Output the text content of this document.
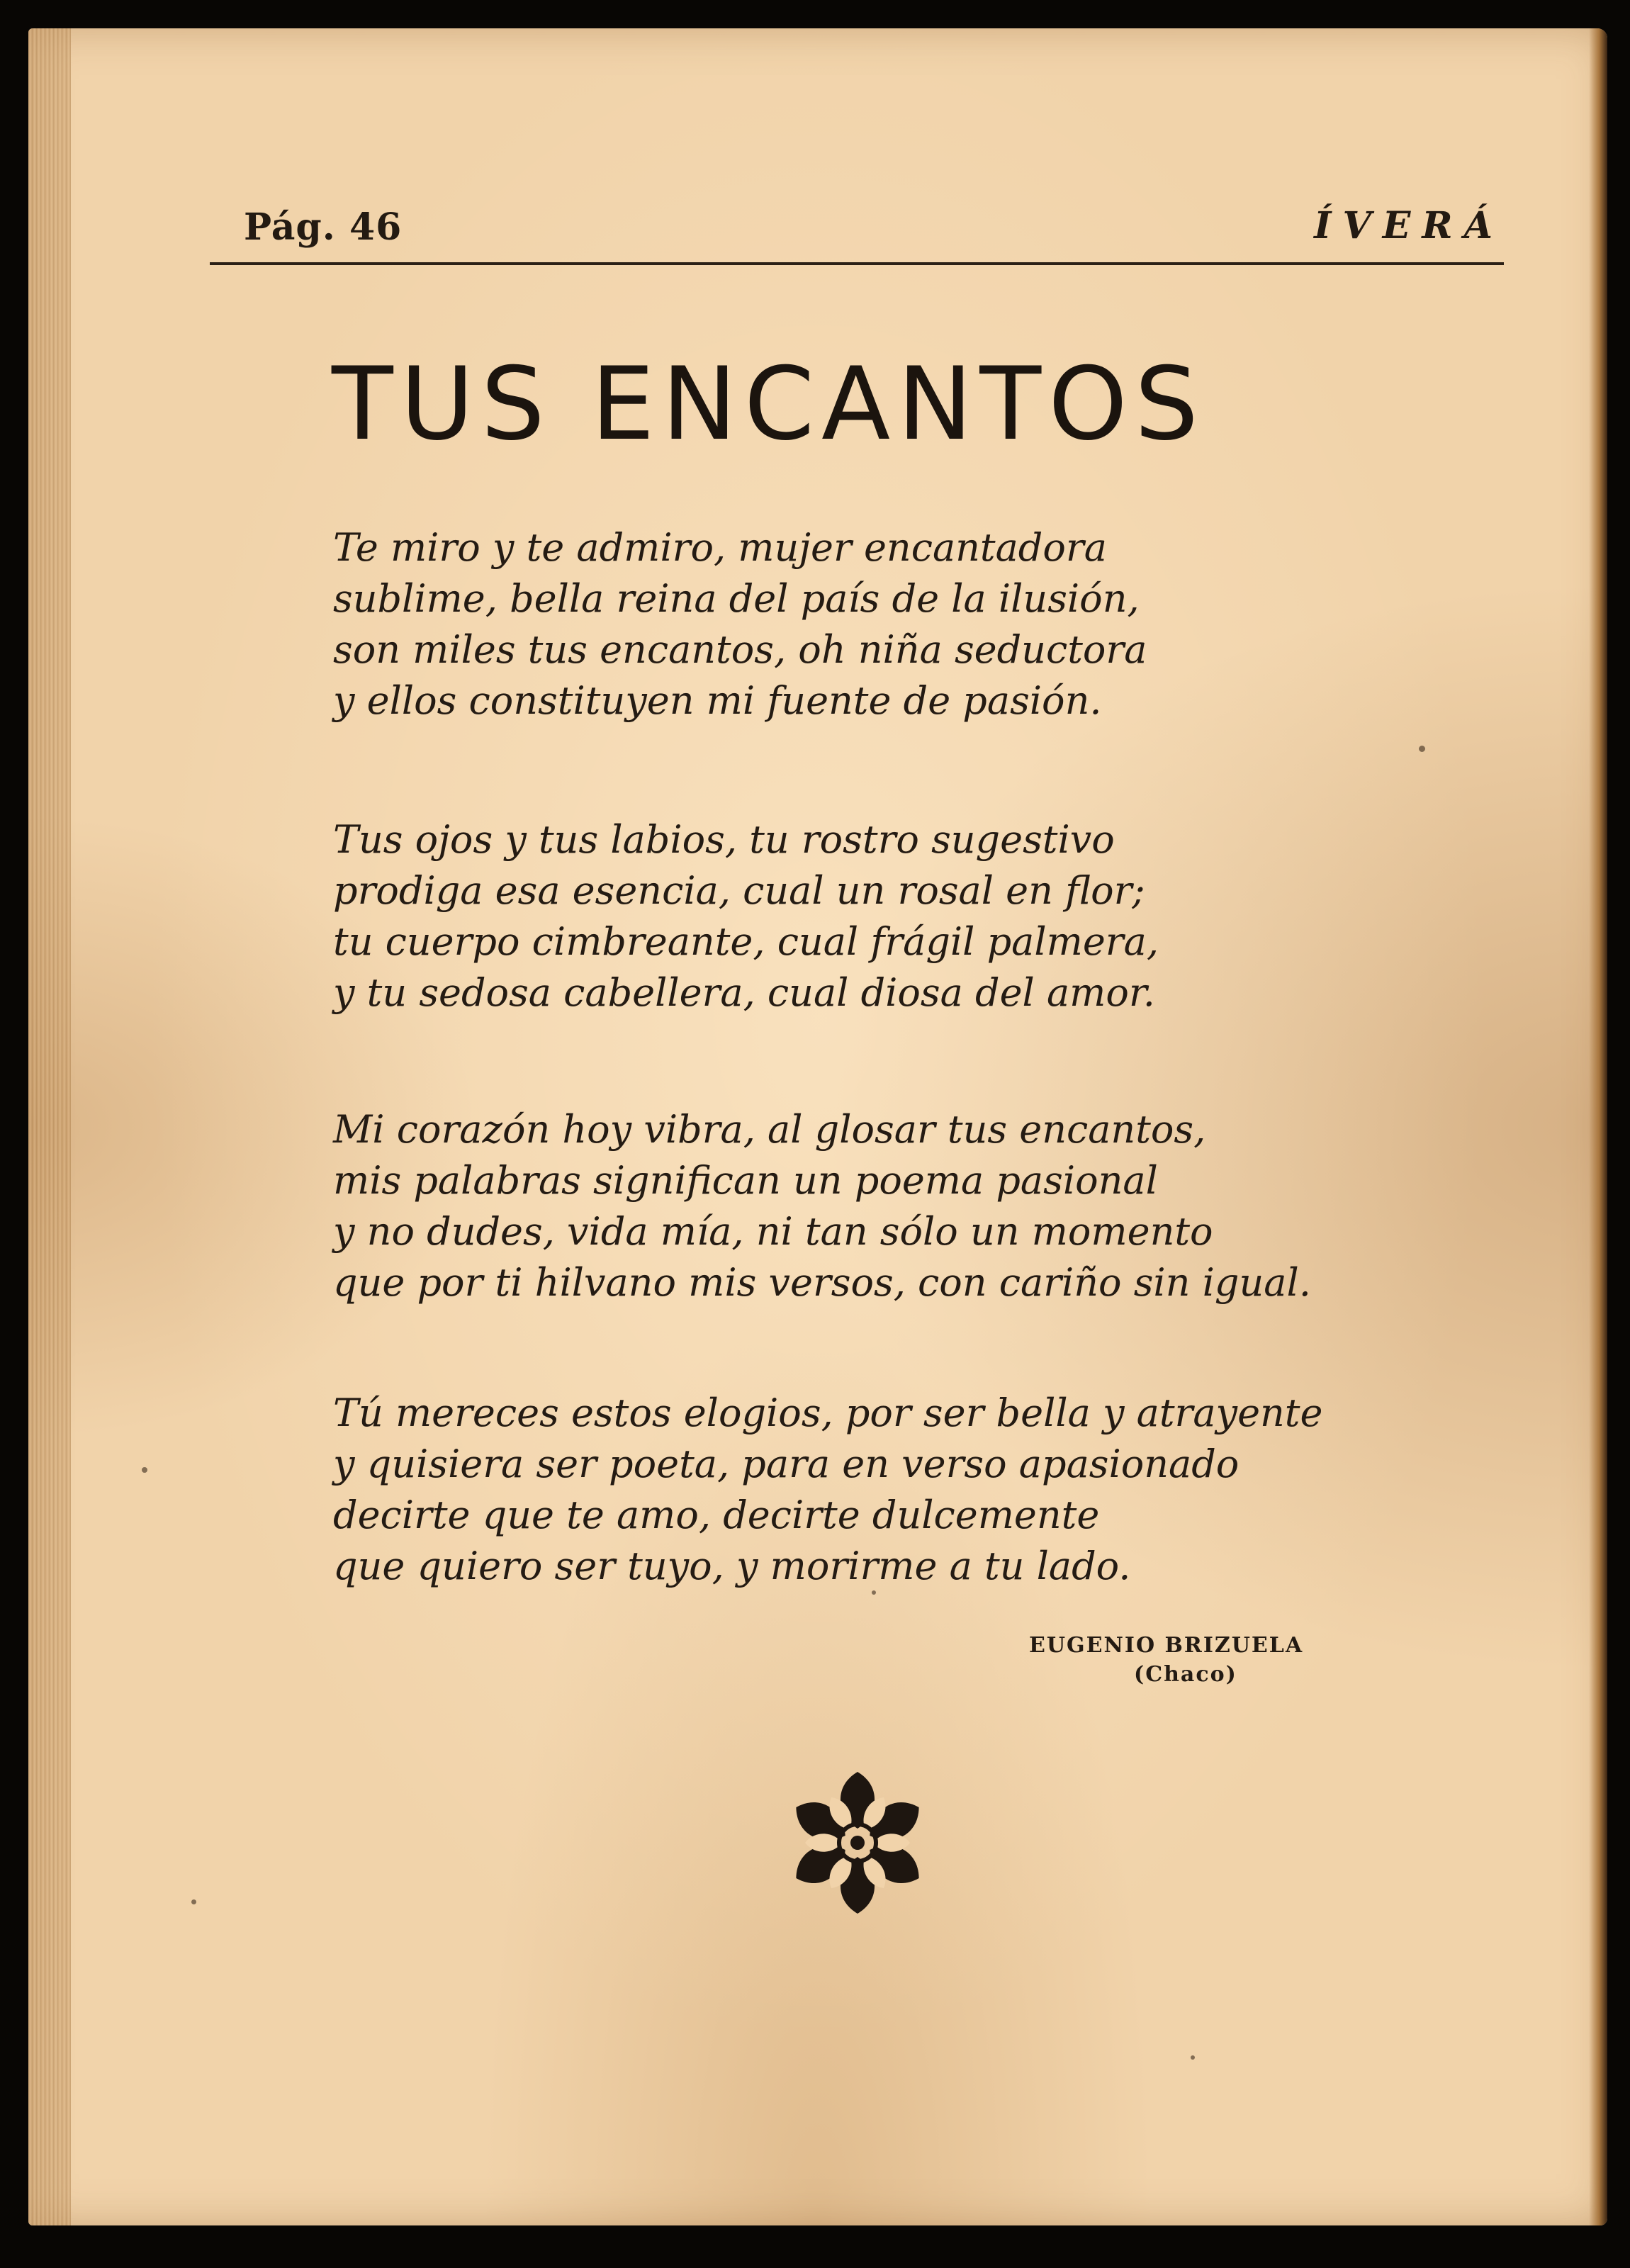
Pág. 46	ÍVERÁ
TUS ENCANTOS
Te miro y te admiro, mujer encantadora
sublime, bella reina del país de la ilusión,
son miles tus encantos, oh niña seductora
y ellos constituyen mi fuente de pasión.
Tus ojos y tus labios, tu rostro sugestivo
prodiga esa esencia, cual un rosal en flor;
tu cuerpo cimbreante, cual frágil palmera,
y tu sedosa cabellera, cual diosa del amor.
Mi corazón hoy vibra, al glosar tus encantos,
mis palabras significan un poema pasional
y no dudes, vida mía, ni tan sólo un momento
que por ti hilvano mis versos, con cariño sin igual.
Tú mereces estos elogios, por ser bella y atrayente
y quisiera ser poeta, para en verso apasionado
decirte que te amo, decirte dulcemente
que quiero ser tuyo, y morirme a tu lado.
EUGENIO BRIZUELA
(Chaco)
